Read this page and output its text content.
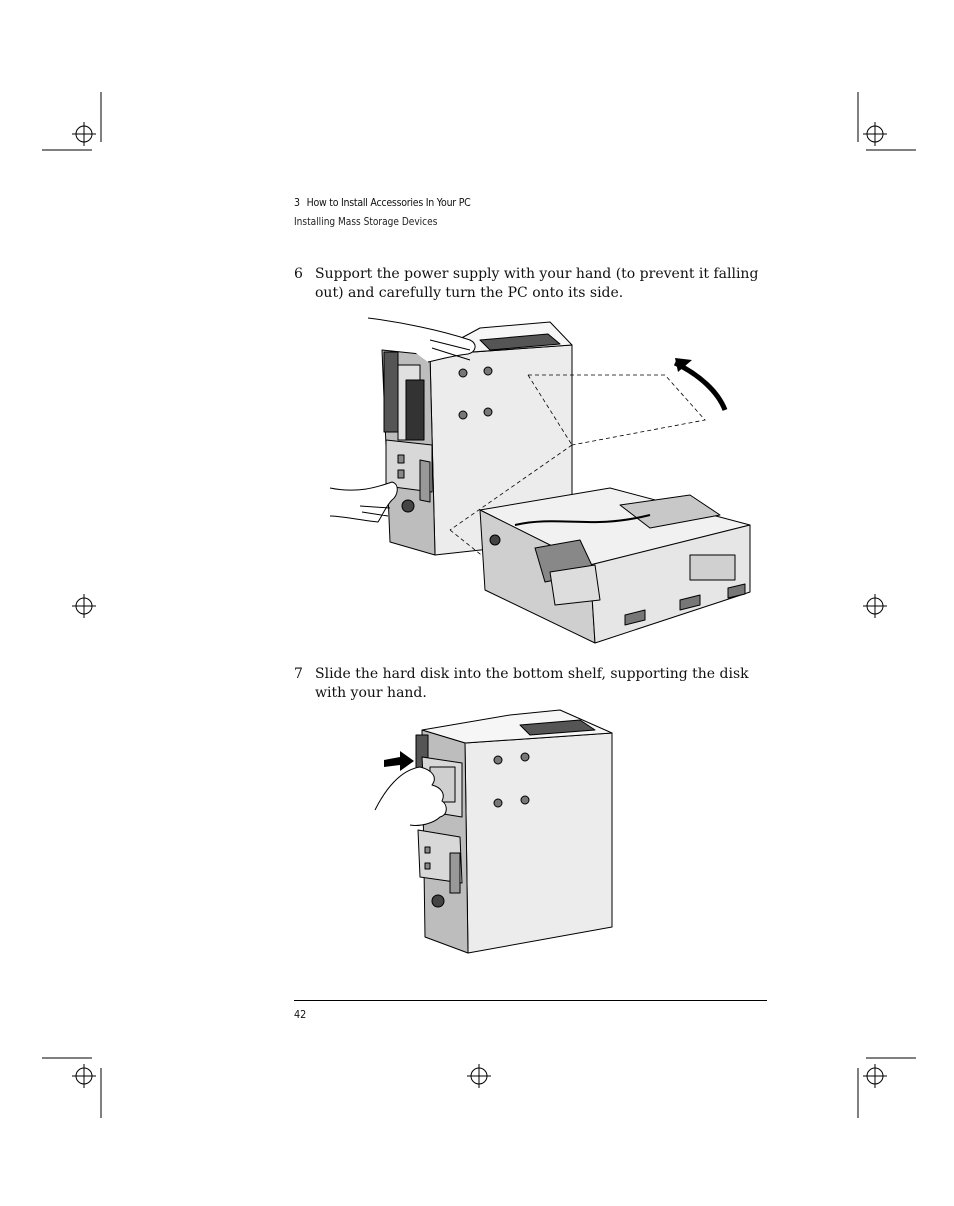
3 How to Install Accessories In Your PC
Installing Mass Storage Devices
6 Support the power supply with your hand (to prevent it falling out) and carefully turn the PC onto its side.
7 Slide the hard disk into the bottom shelf, supporting the disk with your hand.
42
